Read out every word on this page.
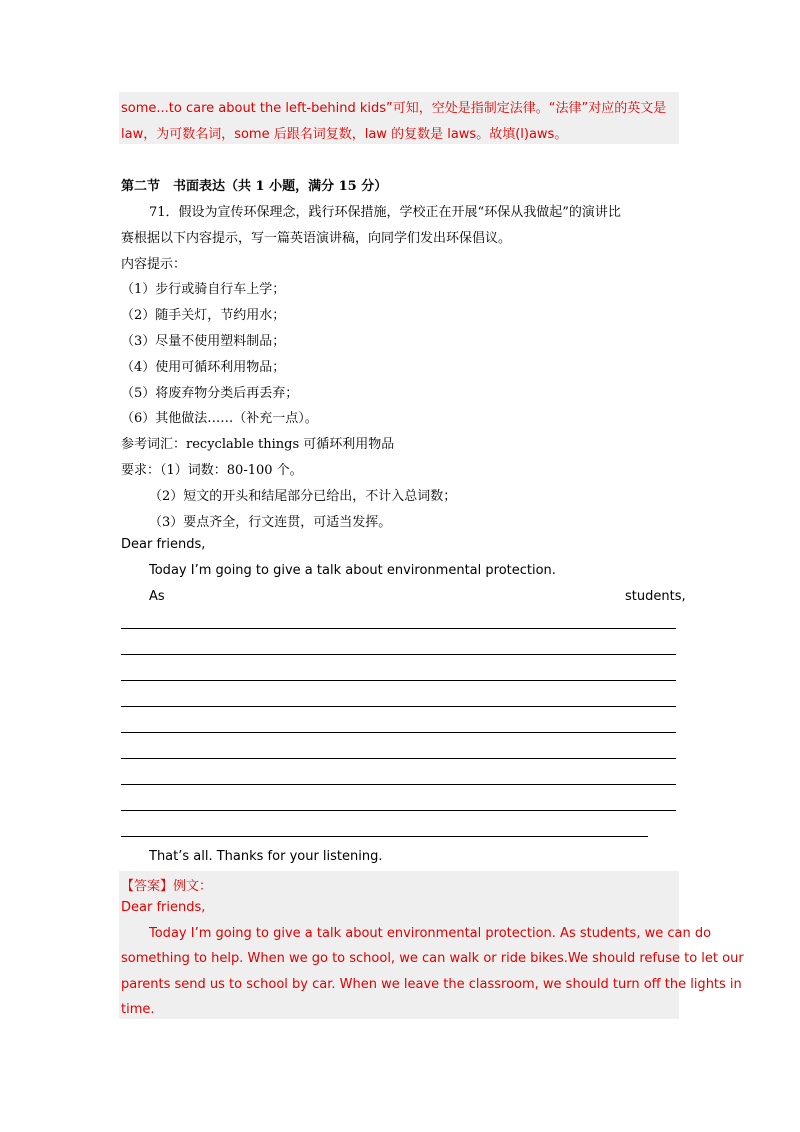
some...to care about the left-behind kids”可知，空处是指制定法律。“法律”对应的英文是
law，为可数名词，some 后跟名词复数，law 的复数是 laws。故填(l)aws。
第二节　书面表达（共 1 小题，满分 15 分）
71．假设为宣传环保理念，践行环保措施，学校正在开展“环保从我做起”的演讲比
赛根据以下内容提示，写一篇英语演讲稿，向同学们发出环保倡议。
内容提示：
（1）步行或骑自行车上学；
（2）随手关灯，节约用水；
（3）尽量不使用塑料制品；
（4）使用可循环利用物品；
（5）将废弃物分类后再丢弃；
（6）其他做法……（补充一点）。
参考词汇：recyclable things 可循环利用物品
要求：（1）词数：80-100 个。
（2）短文的开头和结尾部分已给出，不计入总词数；
（3）要点齐全，行文连贯，可适当发挥。
Dear friends,
Today I’m going to give a talk about environmental protection.
As	students,
That’s all. Thanks for your listening.
【答案】例文：
Dear friends,
Today I’m going to give a talk about environmental protection. As students, we can do
something to help. When we go to school, we can walk or ride bikes.We should refuse to let our
parents send us to school by car. When we leave the classroom, we should turn off the lights in
time.
